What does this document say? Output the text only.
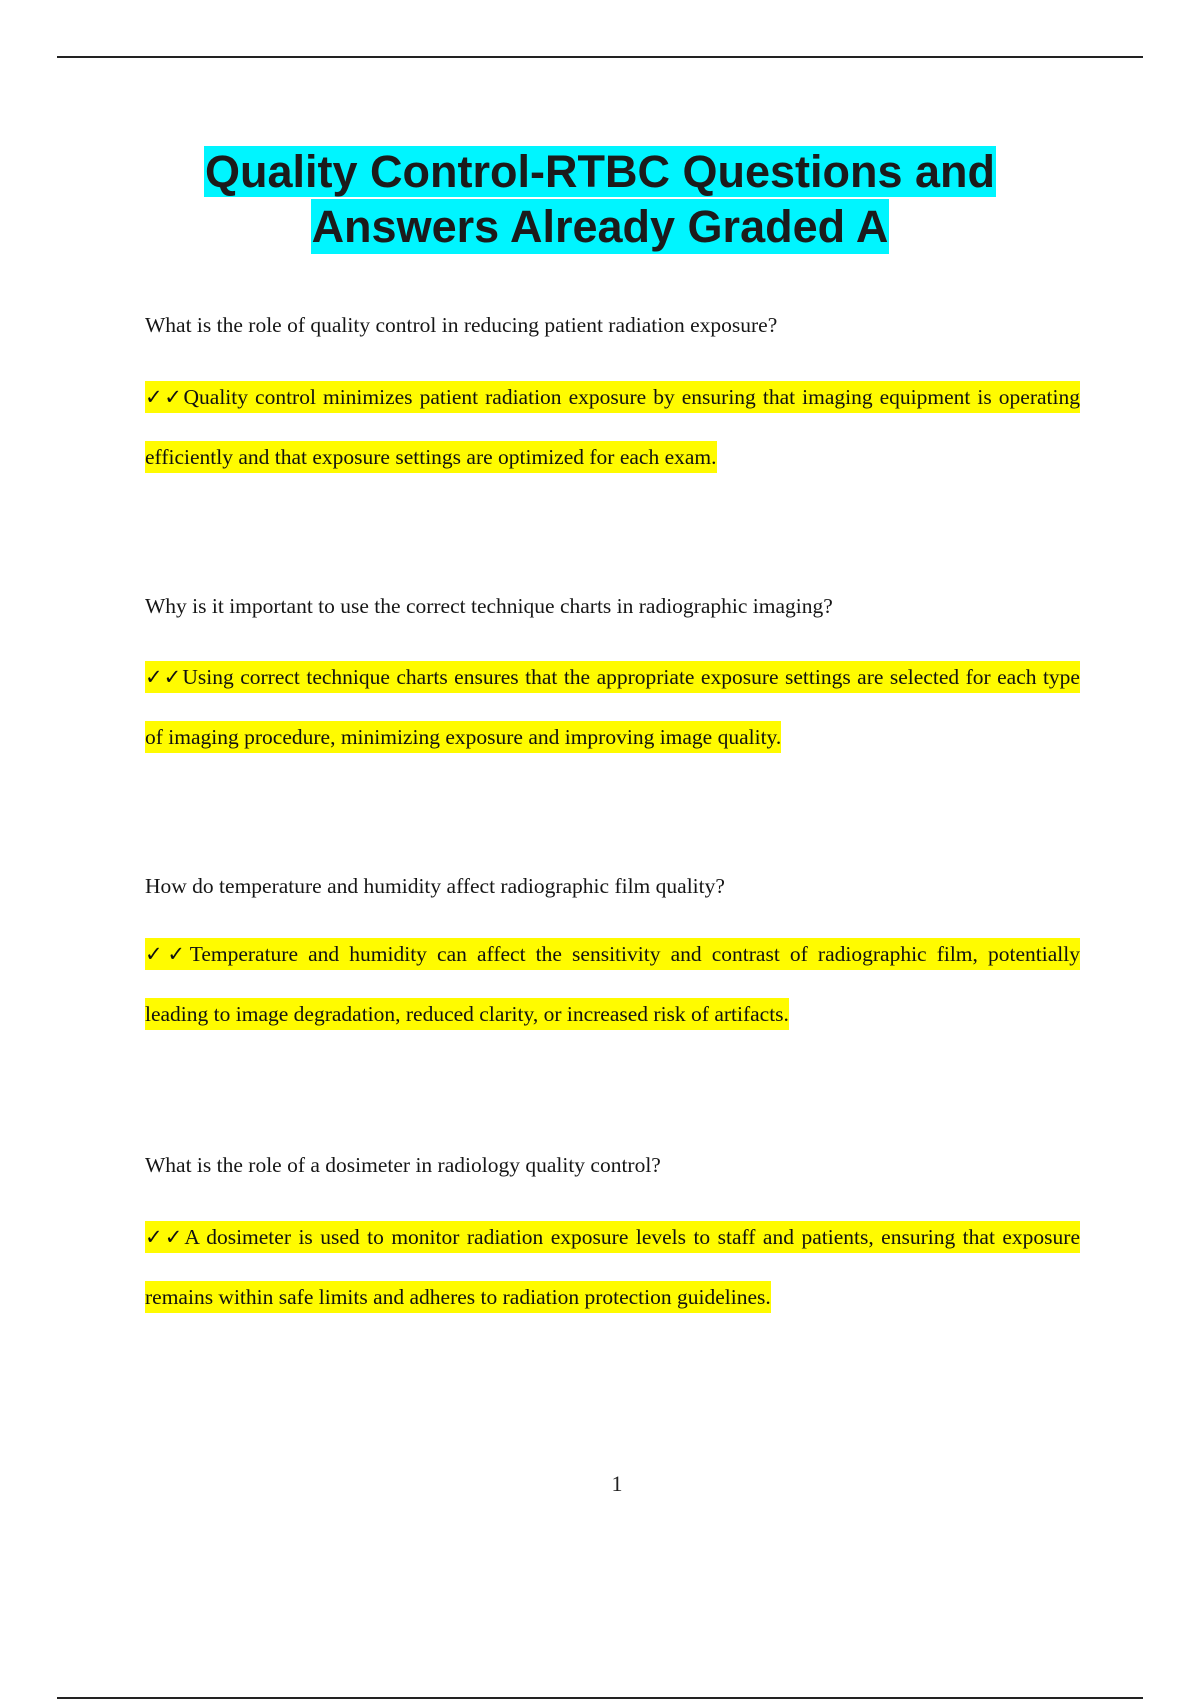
Quality Control-RTBC Questions and
Answers Already Graded A

What is the role of quality control in reducing patient radiation exposure?

✓✓Quality control minimizes patient radiation exposure by ensuring that imaging equipment is operating efficiently and that exposure settings are optimized for each exam.

Why is it important to use the correct technique charts in radiographic imaging?

✓✓Using correct technique charts ensures that the appropriate exposure settings are selected for each type of imaging procedure, minimizing exposure and improving image quality.

How do temperature and humidity affect radiographic film quality?

✓✓Temperature and humidity can affect the sensitivity and contrast of radiographic film, potentially leading to image degradation, reduced clarity, or increased risk of artifacts.

What is the role of a dosimeter in radiology quality control?

✓✓A dosimeter is used to monitor radiation exposure levels to staff and patients, ensuring that exposure remains within safe limits and adheres to radiation protection guidelines.

1
